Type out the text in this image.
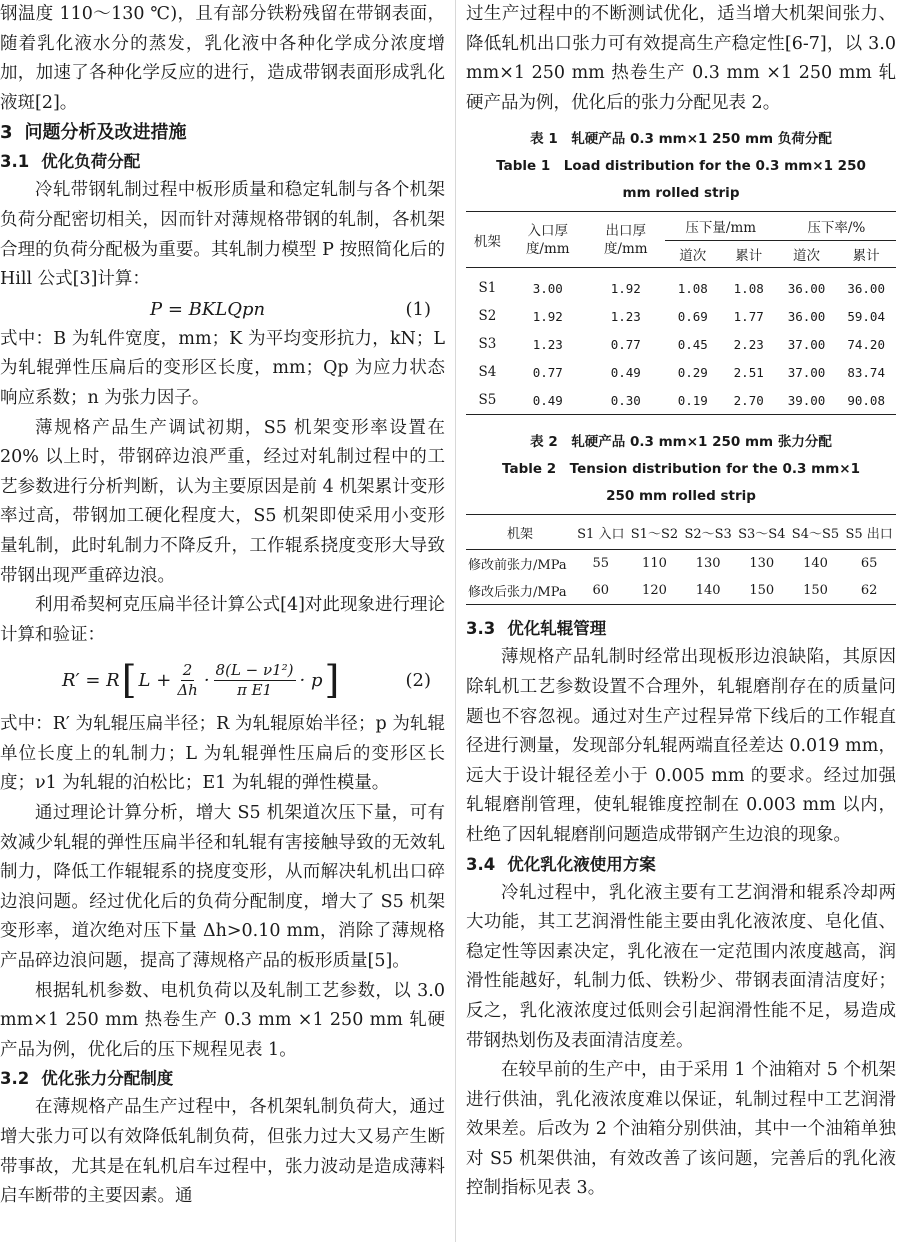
钢温度 110～130 ℃)，且有部分铁粉残留在带钢表面，随着乳化液水分的蒸发，乳化液中各种化学成分浓度增加，加速了各种化学反应的进行，造成带钢表面形成乳化液斑[2]。

3 问题分析及改进措施
3.1 优化负荷分配

冷轧带钢轧制过程中板形质量和稳定轧制与各个机架负荷分配密切相关，因而针对薄规格带钢的轧制，各机架合理的负荷分配极为重要。其轧制力模型 P 按照简化后的 Hill 公式[3]计算：

P = BKLQpn	(1)

式中：B 为轧件宽度，mm；K 为平均变形抗力，kN；L 为轧辊弹性压扁后的变形区长度，mm；Qp 为应力状态响应系数；n 为张力因子。

薄规格产品生产调试初期，S5 机架变形率设置在 20% 以上时，带钢碎边浪严重，经过对轧制过程中的工艺参数进行分析判断，认为主要原因是前 4 机架累计变形率过高，带钢加工硬化程度大，S5 机架即使采用小变形量轧制，此时轧制力不降反升，工作辊系挠度变形大导致带钢出现严重碎边浪。

利用希契柯克压扁半径计算公式[4]对此现象进行理论计算和验证：

R′ = R [ $L + \frac{2}{\Delta h} \cdot \frac{\text{8(L − ν1²)}}{\text{π E1}} \cdot p$ ]	(2)

式中：R′ 为轧辊压扁半径；R 为轧辊原始半径；p 为轧辊单位长度上的轧制力；L 为轧辊弹性压扁后的变形区长度；ν1 为轧辊的泊松比；E1 为轧辊的弹性模量。

通过理论计算分析，增大 S5 机架道次压下量，可有效减少轧辊的弹性压扁半径和轧辊有害接触导致的无效轧制力，降低工作辊辊系的挠度变形，从而解决轧机出口碎边浪问题。经过优化后的负荷分配制度，增大了 S5 机架变形率，道次绝对压下量 Δh>0.10 mm，消除了薄规格产品碎边浪问题，提高了薄规格产品的板形质量[5]。

根据轧机参数、电机负荷以及轧制工艺参数，以 3.0 mm×1 250 mm 热卷生产 0.3 mm ×1 250 mm 轧硬产品为例，优化后的压下规程见表 1。

3.2 优化张力分配制度

在薄规格产品生产过程中，各机架轧制负荷大，通过增大张力可以有效降低轧制负荷，但张力过大又易产生断带事故，尤其是在轧机启车过程中，张力波动是造成薄料启车断带的主要因素。通

过生产过程中的不断测试优化，适当增大机架间张力、降低轧机出口张力可有效提高生产稳定性[6-7]，以 3.0 mm×1 250 mm 热卷生产 0.3 mm ×1 250 mm 轧硬产品为例，优化后的张力分配见表 2。

表 1　轧硬产品 0.3 mm×1 250 mm 负荷分配

Table 1　Load distribution for the 0.3 mm×1 250 mm rolled strip

机架	入口厚度/mm	出口厚度/mm	压下量/mm		压下率/%	
			道次	累计	道次	累计
S1	3.00	1.92	1.08	1.08	36.00	36.00
S2	1.92	1.23	0.69	1.77	36.00	59.04
S3	1.23	0.77	0.45	2.23	37.00	74.20
S4	0.77	0.49	0.29	2.51	37.00	83.74
S5	0.49	0.30	0.19	2.70	39.00	90.08

表 2　轧硬产品 0.3 mm×1 250 mm 张力分配

Table 2　Tension distribution for the 0.3 mm×1 250 mm rolled strip

机架	S1 入口	S1～S2	S2～S3	S3～S4	S4～S5	S5 出口
修改前张力/MPa	55	110	130	130	140	65
修改后张力/MPa	60	120	140	150	150	62
3.3 优化轧辊管理

薄规格产品轧制时经常出现板形边浪缺陷，其原因除轧机工艺参数设置不合理外，轧辊磨削存在的质量问题也不容忽视。通过对生产过程异常下线后的工作辊直径进行测量，发现部分轧辊两端直径差达 0.019 mm，远大于设计辊径差小于 0.005 mm 的要求。经过加强轧辊磨削管理，使轧辊锥度控制在 0.003 mm 以内，杜绝了因轧辊磨削问题造成带钢产生边浪的现象。

3.4 优化乳化液使用方案

冷轧过程中，乳化液主要有工艺润滑和辊系冷却两大功能，其工艺润滑性能主要由乳化液浓度、皂化值、稳定性等因素决定，乳化液在一定范围内浓度越高，润滑性能越好，轧制力低、铁粉少、带钢表面清洁度好；反之，乳化液浓度过低则会引起润滑性能不足，易造成带钢热划伤及表面清洁度差。

在较早前的生产中，由于采用 1 个油箱对 5 个机架进行供油，乳化液浓度难以保证，轧制过程中工艺润滑效果差。后改为 2 个油箱分别供油，其中一个油箱单独对 S5 机架供油，有效改善了该问题，完善后的乳化液控制指标见表 3。
